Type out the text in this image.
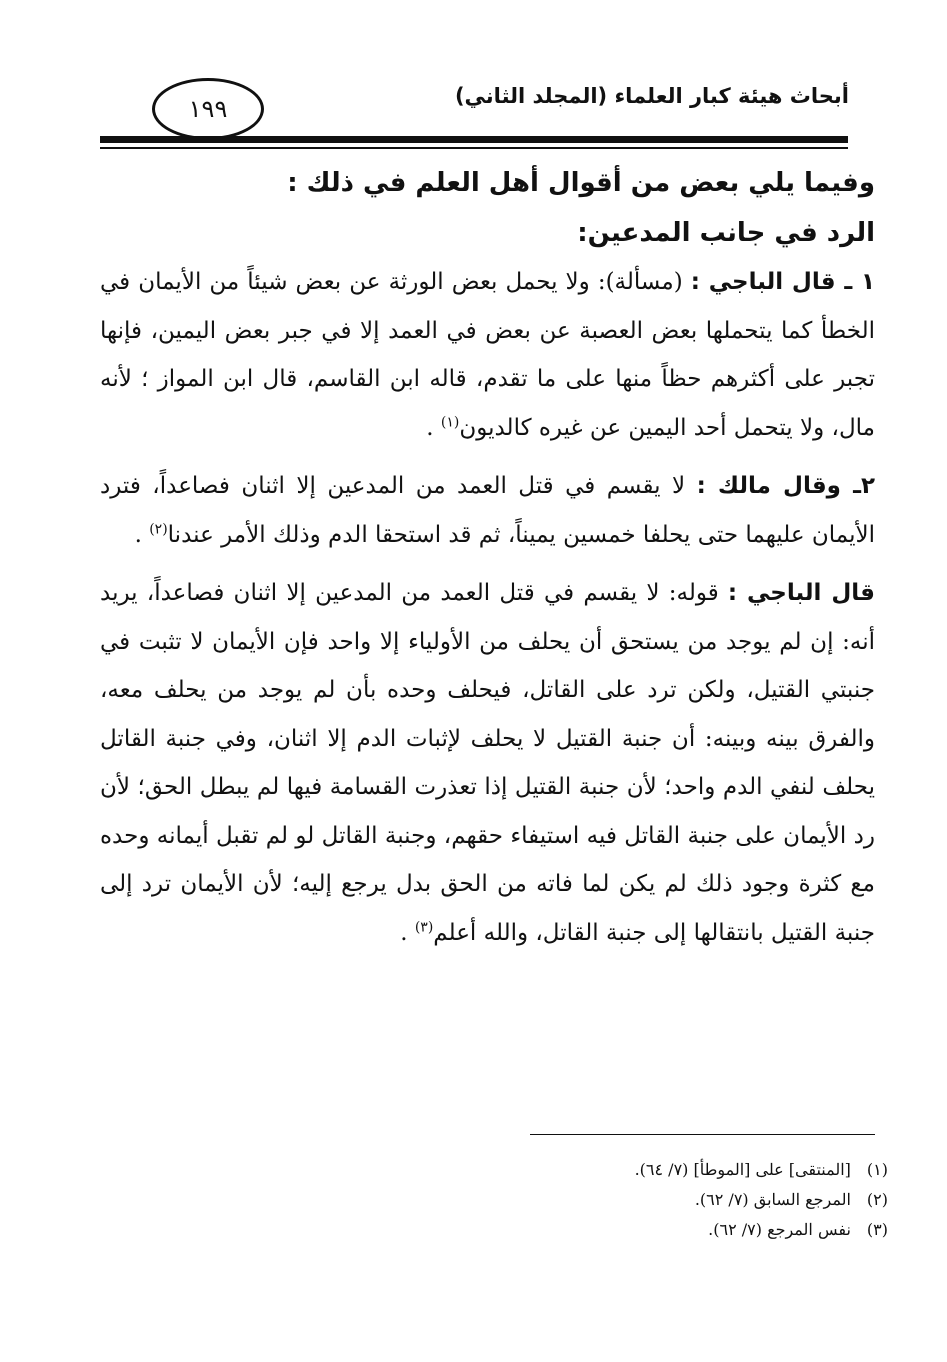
أبحاث هيئة كبار العلماء (المجلد الثاني)
١٩٩

وفيما يلي بعض من أقوال أهل العلم في ذلك :

الرد في جانب المدعين:

١ ـ قال الباجي : (مسألة): ولا يحمل بعض الورثة عن بعض شيئاً من الأيمان في الخطأ كما يتحملها بعض العصبة عن بعض في العمد إلا في جبر بعض اليمين، فإنها تجبر على أكثرهم حظاً منها على ما تقدم، قاله ابن القاسم، قال ابن المواز ؛ لأنه مال، ولا يتحمل أحد اليمين عن غيره كالديون$^{(١)}$ .

٢ـ وقال مالك : لا يقسم في قتل العمد من المدعين إلا اثنان فصاعداً، فترد الأيمان عليهما حتى يحلفا خمسين يميناً، ثم قد استحقا الدم وذلك الأمر عندنا$^{(٢)}$ .

قال الباجي : قوله: لا يقسم في قتل العمد من المدعين إلا اثنان فصاعداً، يريد أنه: إن لم يوجد من يستحق أن يحلف من الأولياء إلا واحد فإن الأيمان لا تثبت في جنبتي القتيل، ولكن ترد على القاتل، فيحلف وحده بأن لم يوجد من يحلف معه، والفرق بينه وبينه: أن جنبة القتيل لا يحلف لإثبات الدم إلا اثنان، وفي جنبة القاتل يحلف لنفي الدم واحد؛ لأن جنبة القتيل إذا تعذرت القسامة فيها لم يبطل الحق؛ لأن رد الأيمان على جنبة القاتل فيه استيفاء حقهم، وجنبة القاتل لو لم تقبل أيمانه وحده مع كثرة وجود ذلك لم يكن لما فاته من الحق بدل يرجع إليه؛ لأن الأيمان ترد إلى جنبة القتيل بانتقالها إلى جنبة القاتل، والله أعلم$^{(٣)}$ .

(١) [المنتقى] على [الموطأ] (٧/ ٦٤).
(٢) المرجع السابق (٧/ ٦٢).
(٣) نفس المرجع (٧/ ٦٢).
